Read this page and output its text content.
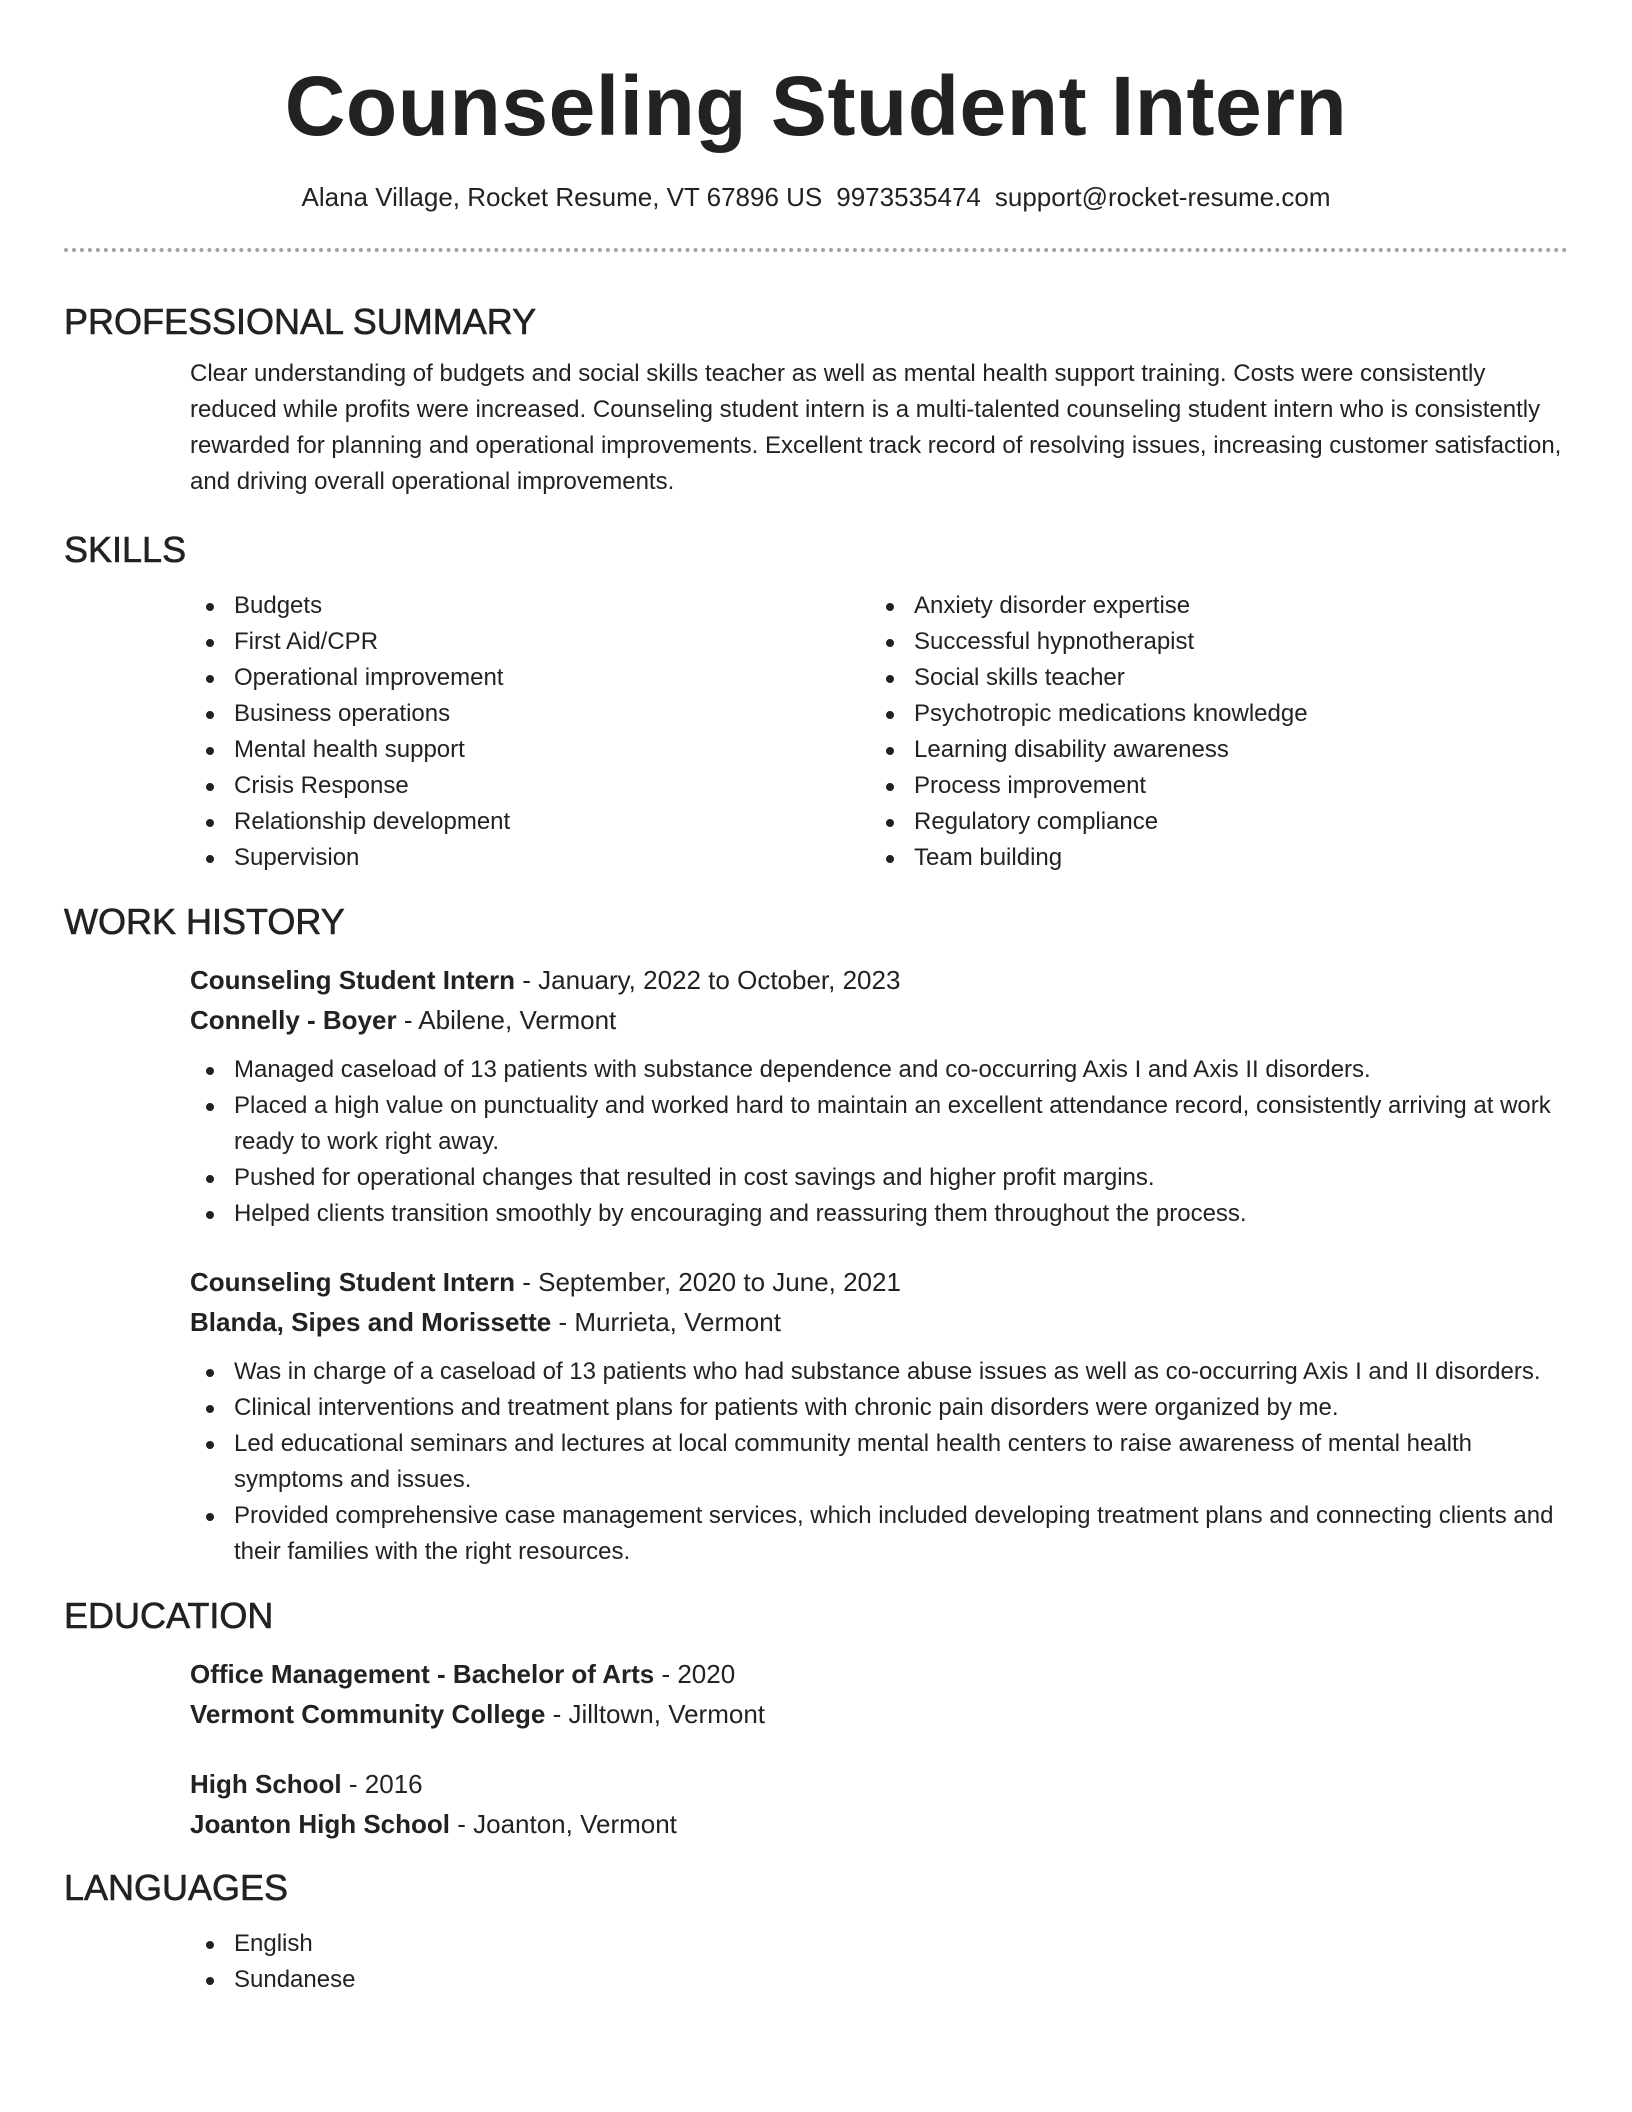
Counseling Student Intern
Alana Village, Rocket Resume, VT 67896 US 9973535474 support@rocket-resume.com
PROFESSIONAL SUMMARY
Clear understanding of budgets and social skills teacher as well as mental health support training. Costs were consistently reduced while profits were increased. Counseling student intern is a multi-talented counseling student intern who is consistently rewarded for planning and operational improvements. Excellent track record of resolving issues, increasing customer satisfaction, and driving overall operational improvements.
SKILLS
Budgets
First Aid/CPR
Operational improvement
Business operations
Mental health support
Crisis Response
Relationship development
Supervision
Anxiety disorder expertise
Successful hypnotherapist
Social skills teacher
Psychotropic medications knowledge
Learning disability awareness
Process improvement
Regulatory compliance
Team building
WORK HISTORY
Counseling Student Intern - January, 2022 to October, 2023
Connelly - Boyer - Abilene, Vermont
Managed caseload of 13 patients with substance dependence and co-occurring Axis I and Axis II disorders.
Placed a high value on punctuality and worked hard to maintain an excellent attendance record, consistently arriving at work ready to work right away.
Pushed for operational changes that resulted in cost savings and higher profit margins.
Helped clients transition smoothly by encouraging and reassuring them throughout the process.
Counseling Student Intern - September, 2020 to June, 2021
Blanda, Sipes and Morissette - Murrieta, Vermont
Was in charge of a caseload of 13 patients who had substance abuse issues as well as co-occurring Axis I and II disorders.
Clinical interventions and treatment plans for patients with chronic pain disorders were organized by me.
Led educational seminars and lectures at local community mental health centers to raise awareness of mental health symptoms and issues.
Provided comprehensive case management services, which included developing treatment plans and connecting clients and their families with the right resources.
EDUCATION
Office Management - Bachelor of Arts - 2020
Vermont Community College - Jilltown, Vermont
High School - 2016
Joanton High School - Joanton, Vermont
LANGUAGES
English
Sundanese
